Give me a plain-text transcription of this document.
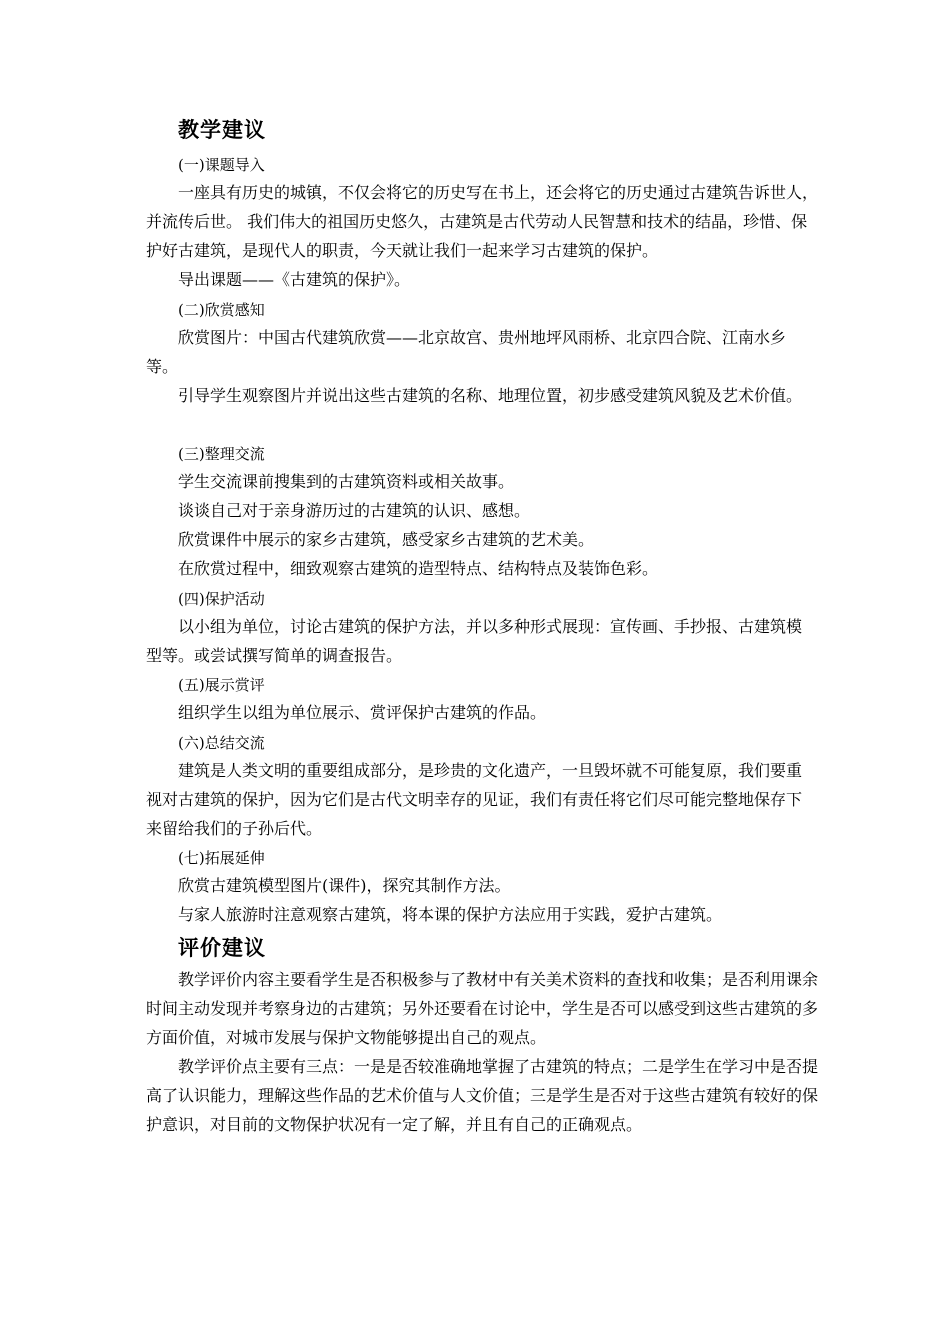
教学建议
(一)课题导入

一座具有历史的城镇，不仅会将它的历史写在书上，还会将它的历史通过古建筑告诉世人，并流传后世。 我们伟大的祖国历史悠久，古建筑是古代劳动人民智慧和技术的结晶，珍惜、保护好古建筑，是现代人的职责，今天就让我们一起来学习古建筑的保护。

导出课题——《古建筑的保护》。

(二)欣赏感知

欣赏图片：中国古代建筑欣赏——北京故宫、贵州地坪风雨桥、北京四合院、江南水乡等。

引导学生观察图片并说出这些古建筑的名称、地理位置，初步感受建筑风貌及艺术价值。

(三)整理交流

学生交流课前搜集到的古建筑资料或相关故事。

谈谈自己对于亲身游历过的古建筑的认识、感想。

欣赏课件中展示的家乡古建筑，感受家乡古建筑的艺术美。

在欣赏过程中，细致观察古建筑的造型特点、结构特点及装饰色彩。

(四)保护活动

以小组为单位，讨论古建筑的保护方法，并以多种形式展现：宣传画、手抄报、古建筑模型等。或尝试撰写简单的调查报告。

(五)展示赏评

组织学生以组为单位展示、赏评保护古建筑的作品。

(六)总结交流

建筑是人类文明的重要组成部分，是珍贵的文化遗产，一旦毁坏就不可能复原，我们要重视对古建筑的保护，因为它们是古代文明幸存的见证，我们有责任将它们尽可能完整地保存下来留给我们的子孙后代。

(七)拓展延伸

欣赏古建筑模型图片(课件)，探究其制作方法。

与家人旅游时注意观察古建筑，将本课的保护方法应用于实践，爱护古建筑。

评价建议

教学评价内容主要看学生是否积极参与了教材中有关美术资料的查找和收集；是否利用课余时间主动发现并考察身边的古建筑；另外还要看在讨论中，学生是否可以感受到这些古建筑的多方面价值，对城市发展与保护文物能够提出自己的观点。

教学评价点主要有三点：一是是否较准确地掌握了古建筑的特点；二是学生在学习中是否提高了认识能力，理解这些作品的艺术价值与人文价值；三是学生是否对于这些古建筑有较好的保护意识，对目前的文物保护状况有一定了解，并且有自己的正确观点。
